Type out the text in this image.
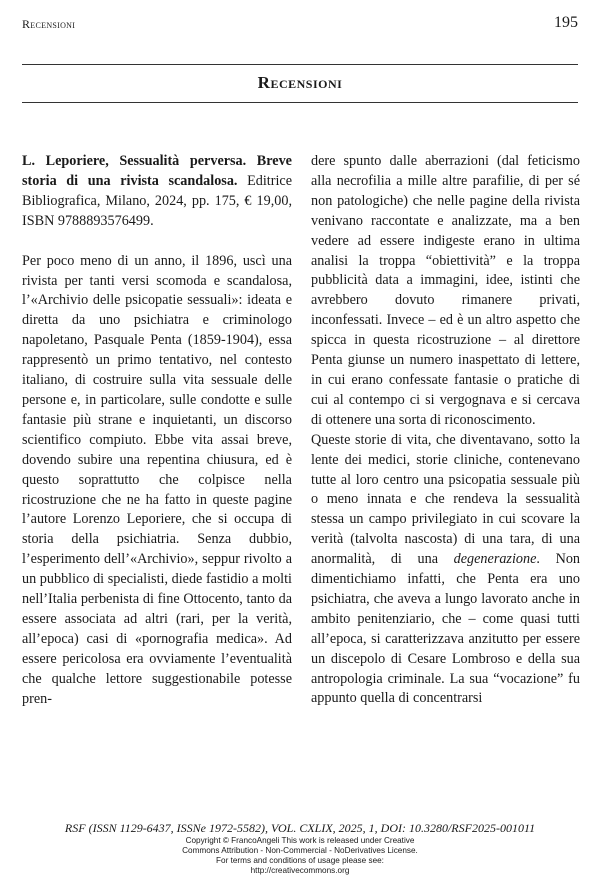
Recensioni	195
Recensioni

L. Leporiere, Sessualità perversa. Breve storia di una rivista scandalosa. Editrice Bibliografica, Milano, 2024, pp. 175, € 19,00, ISBN 9788893576499.

Per poco meno di un anno, il 1896, uscì una rivista per tanti versi scomoda e scandalosa, l’«Archivio delle psicopatie sessuali»: ideata e diretta da uno psichiatra e criminologo napoletano, Pasquale Penta (1859-1904), essa rappresentò un primo tentativo, nel contesto italiano, di costruire sulla vita sessuale delle persone e, in particolare, sulle condotte e sulle fantasie più strane e inquietanti, un discorso scientifico compiuto. Ebbe vita assai breve, dovendo subire una repentina chiusura, ed è questo soprattutto che colpisce nella ricostruzione che ne ha fatto in queste pagine l’autore Lorenzo Leporiere, che si occupa di storia della psichiatria. Senza dubbio, l’esperimento dell’«Archivio», seppur rivolto a un pubblico di specialisti, diede fastidio a molti nell’Italia perbenista di fine Ottocento, tanto da essere associata ad altri (rari, per la verità, all’epoca) casi di «pornografia medica». Ad essere pericolosa era ovviamente l’eventualità che qualche lettore suggestionabile potesse pren-

dere spunto dalle aberrazioni (dal feticismo alla necrofilia a mille altre parafilie, di per sé non patologiche) che nelle pagine della rivista venivano raccontate e analizzate, ma a ben vedere ad essere indigeste erano in ultima analisi la troppa “obiettività” e la troppa pubblicità data a immagini, idee, istinti che avrebbero dovuto rimanere privati, inconfessati. Invece – ed è un altro aspetto che spicca in questa ricostruzione – al direttore Penta giunse un numero inaspettato di lettere, in cui erano confessate fantasie o pratiche di cui al contempo ci si vergognava e si cercava di ottenere una sorta di riconoscimento.

Queste storie di vita, che diventavano, sotto la lente dei medici, storie cliniche, contenevano tutte al loro centro una psicopatia sessuale più o meno innata e che rendeva la sessualità stessa un campo privilegiato in cui scovare la verità (talvolta nascosta) di una tara, di una anormalità, di una degenerazione. Non dimentichiamo infatti, che Penta era uno psichiatra, che aveva a lungo lavorato anche in ambito penitenziario, che – come quasi tutti all’epoca, si caratterizzava anzitutto per essere un discepolo di Cesare Lombroso e della sua antropologia criminale. La sua “vocazione” fu appunto quella di concentrarsi

RSF (ISSN 1129-6437, ISSNe 1972-5582), VOL. CXLIX, 2025, 1, DOI: 10.3280/RSF2025-001011
Copyright © FrancoAngeli This work is released under Creative
Commons Attribution - Non-Commercial - NoDerivatives License.
For terms and conditions of usage please see:
http://creativecommons.org
